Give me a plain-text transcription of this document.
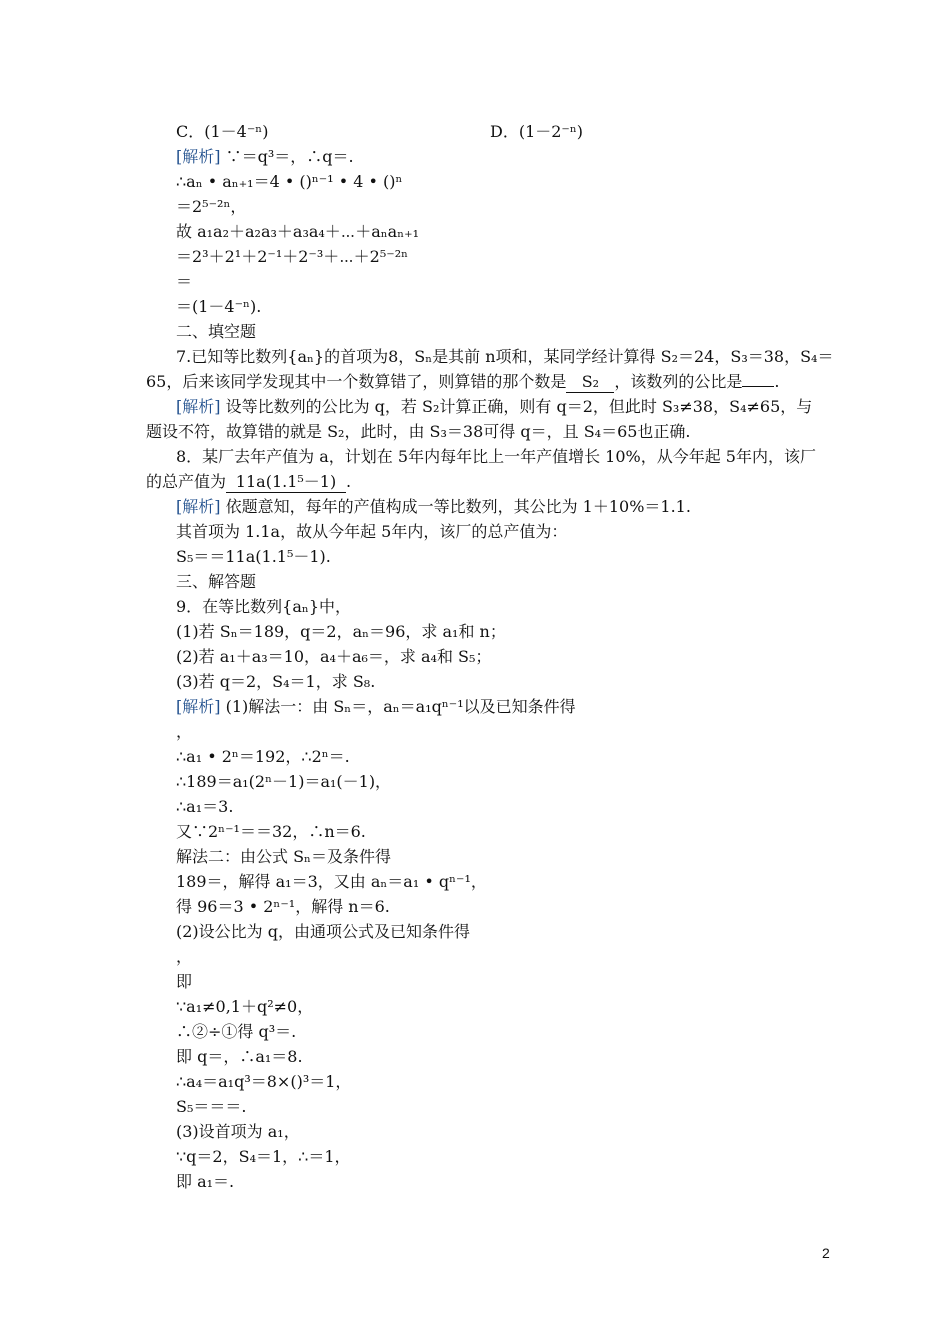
C．(1－4⁻ⁿ)	D．(1－2⁻ⁿ)
[解析] ∵＝q³＝，∴q＝.
∴aₙ • aₙ₊₁＝4 • ()ⁿ⁻¹ • 4 • ()ⁿ
＝2⁵⁻²ⁿ，
故 a₁a₂＋a₂a₃＋a₃a₄＋⋯＋aₙaₙ₊₁
＝2³＋2¹＋2⁻¹＋2⁻³＋⋯＋2⁵⁻²ⁿ
＝
＝(1－4⁻ⁿ).
二、填空题
7.已知等比数列{aₙ}的首项为8，Sₙ是其前 n项和，某同学经计算得 S₂＝24，S₃＝38，S₄＝
65，后来该同学发现其中一个数算错了，则算错的那个数是 S₂ ，该数列的公比是 .
[解析] 设等比数列的公比为 q，若 S₂计算正确，则有 q＝2，但此时 S₃≠38，S₄≠65，与
题设不符，故算错的就是 S₂，此时，由 S₃＝38可得 q＝，且 S₄＝65也正确.
8．某厂去年产值为 a，计划在 5年内每年比上一年产值增长 10%，从今年起 5年内，该厂
的总产值为 11a(1.1⁵－1) .
[解析] 依题意知，每年的产值构成一等比数列，其公比为 1＋10%＝1.1.
其首项为 1.1a，故从今年起 5年内，该厂的总产值为：
S₅＝＝11a(1.1⁵－1).
三、解答题
9．在等比数列{aₙ}中，
(1)若 Sₙ＝189，q＝2，aₙ＝96，求 a₁和 n；
(2)若 a₁＋a₃＝10，a₄＋a₆＝，求 a₄和 S₅；
(3)若 q＝2，S₄＝1，求 S₈.
[解析] (1)解法一：由 Sₙ＝，aₙ＝a₁qⁿ⁻¹以及已知条件得
，
∴a₁ • 2ⁿ＝192，∴2ⁿ＝.
∴189＝a₁(2ⁿ－1)＝a₁(－1)，
∴a₁＝3.
又∵2ⁿ⁻¹＝＝32，∴n＝6.
解法二：由公式 Sₙ＝及条件得
189＝，解得 a₁＝3，又由 aₙ＝a₁ • qⁿ⁻¹，
得 96＝3 • 2ⁿ⁻¹，解得 n＝6.
(2)设公比为 q，由通项公式及已知条件得
，
即
∵a₁≠0,1＋q²≠0，
∴②÷①得 q³＝.
即 q＝，∴a₁＝8.
∴a₄＝a₁q³＝8×()³＝1，
S₅＝＝＝.
(3)设首项为 a₁，
∵q＝2，S₄＝1，∴＝1，
即 a₁＝.
2
